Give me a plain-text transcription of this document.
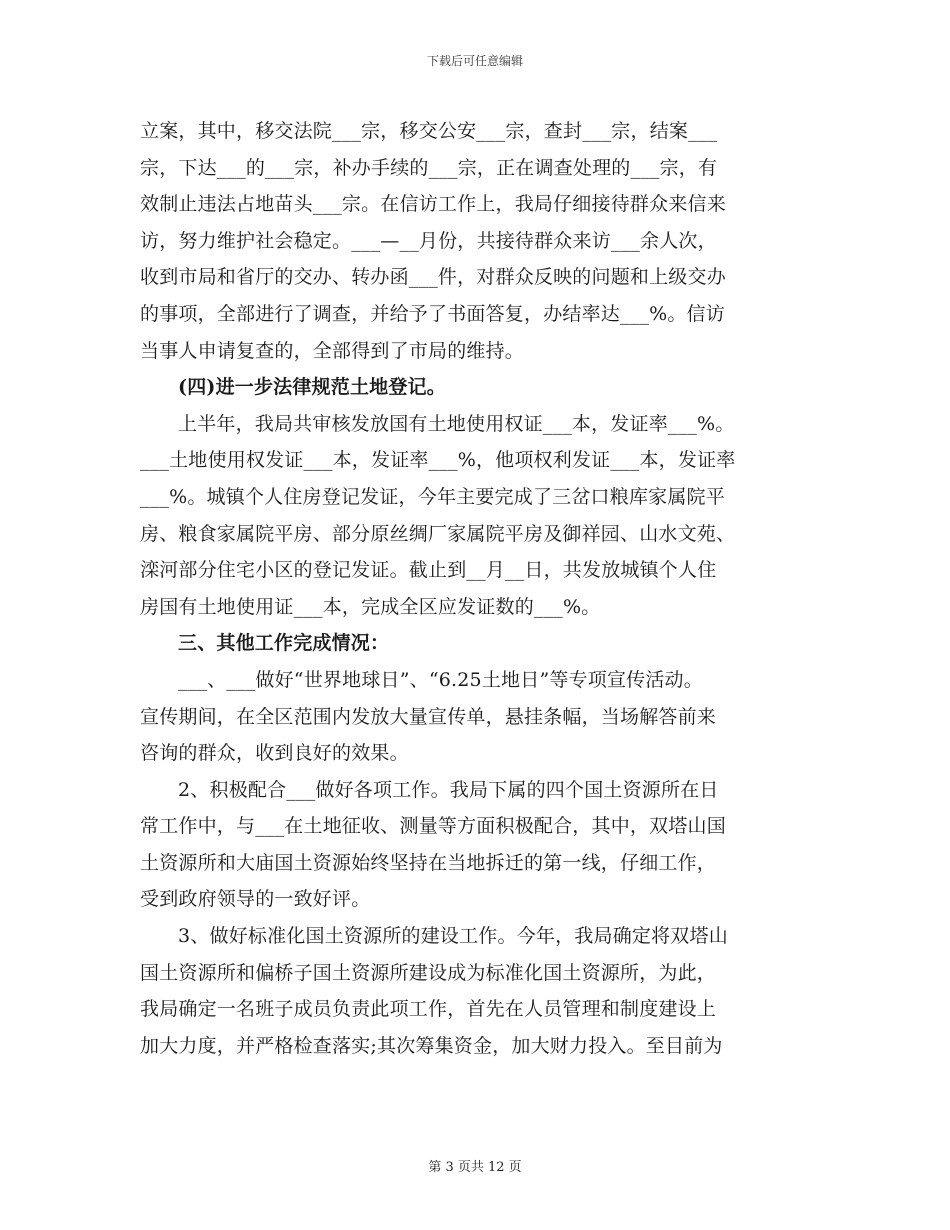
下载后可任意编辑
立案，其中，移交法院___宗，移交公安___宗，查封___宗，结案___
宗，下达___的___宗，补办手续的___宗，正在调查处理的___宗，有
效制止违法占地苗头___宗。在信访工作上，我局仔细接待群众来信来
访，努力维护社会稳定。___—__月份，共接待群众来访___余人次，
收到市局和省厅的交办、转办函___件，对群众反映的问题和上级交办
的事项，全部进行了调查，并给予了书面答复，办结率达___%。信访
当事人申请复查的，全部得到了市局的维持。
(四)进一步法律规范土地登记。
上半年，我局共审核发放国有土地使用权证___本，发证率___%。
___土地使用权发证___本，发证率___%，他项权利发证___本，发证率
___%。城镇个人住房登记发证，今年主要完成了三岔口粮库家属院平
房、粮食家属院平房、部分原丝绸厂家属院平房及御祥园、山水文苑、
滦河部分住宅小区的登记发证。截止到__月__日，共发放城镇个人住
房国有土地使用证___本，完成全区应发证数的___%。
三、其他工作完成情况：
___、___做好“世界地球日”、“6.25土地日”等专项宣传活动。
宣传期间，在全区范围内发放大量宣传单，悬挂条幅，当场解答前来
咨询的群众，收到良好的效果。
2、积极配合___做好各项工作。我局下属的四个国土资源所在日
常工作中，与___在土地征收、测量等方面积极配合，其中，双塔山国
土资源所和大庙国土资源始终坚持在当地拆迁的第一线，仔细工作，
受到政府领导的一致好评。
3、做好标准化国土资源所的建设工作。今年，我局确定将双塔山
国土资源所和偏桥子国土资源所建设成为标准化国土资源所，为此，
我局确定一名班子成员负责此项工作，首先在人员管理和制度建设上
加大力度，并严格检查落实;其次筹集资金，加大财力投入。至目前为
第 3 页共 12 页
